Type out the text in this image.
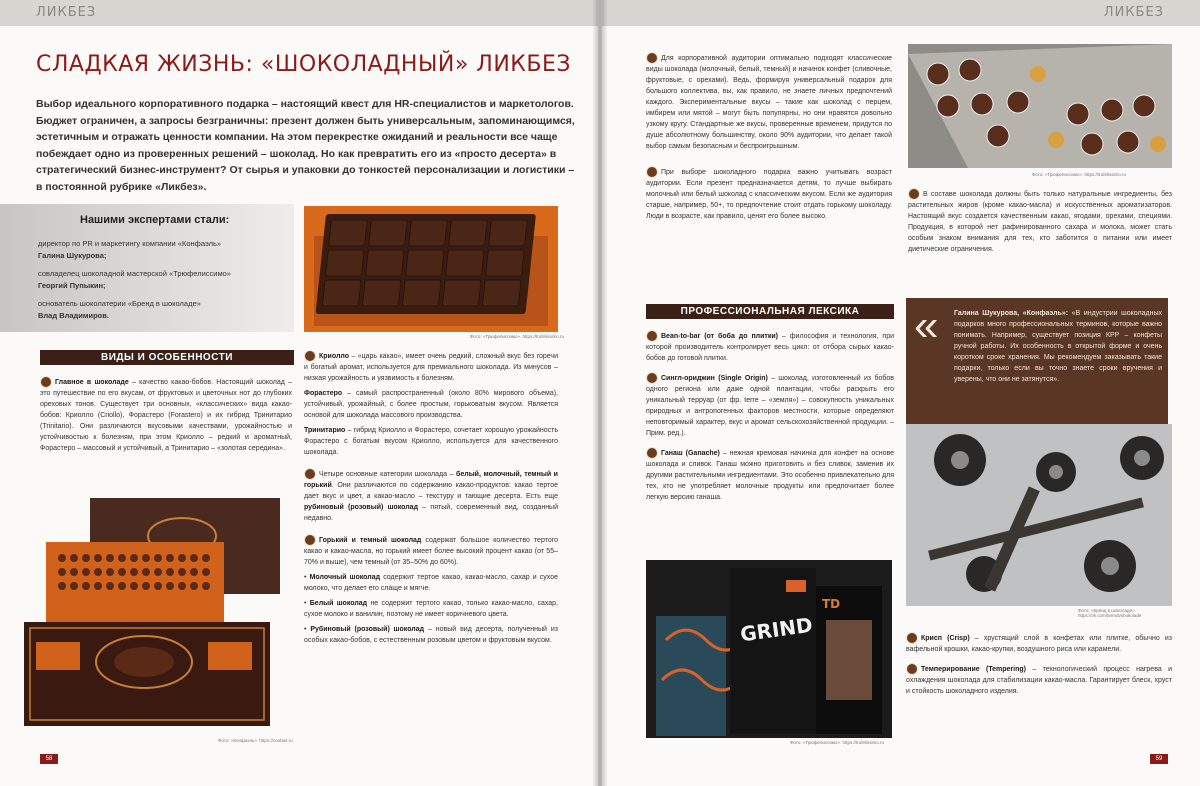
ЛИКБЕЗ
СЛАДКАЯ ЖИЗНЬ: «ШОКОЛАДНЫЙ» ЛИКБЕЗ
Выбор идеального корпоративного подарка – настоящий квест для HR-специалистов и маркетологов. Бюджет ограничен, а запросы безграничны: презент должен быть универсальным, запоминающимся, эстетичным и отражать ценности компании. На этом перекрестке ожиданий и реальности все чаще побеждает одно из проверенных решений – шоколад. Но как превратить его из «просто десерта» в стратегический бизнес-инструмент? От сырья и упаковки до тонкостей персонализации и логистики – в постоянной рубрике «Ликбез».
Нашими экспертами стали:
директор по PR и маркетингу компании «Конфаэль»
Галина Шукурова;
совладелец шоколадной мастерской «Трюфелиссимо»
Георгий Пупыкин;
основатель шоколатерии «Бренд в шоколаде»
Влад Владимиров.
Фото: «Трюфелиссимо». https://trufelissimo.ru
ВИДЫ И ОСОБЕННОСТИ

Главное в шоколаде – качество какао-бобов. Настоящий шоколад – это путешествие по его вкусам, от фруктовых и цветочных нот до глубоких ореховых тонов. Существует три основных, «классических» вида какао-бобов: Криолло (Criollo), Форастеро (Forastero) и их гибрид Тринитарио (Trinitario). Они различаются вкусовыми качествами, урожайностью и устойчивостью к болезням, при этом Криолло – редкий и ароматный, Форастеро – массовый и устойчивый, а Тринитарио – «золотая середина».

Фото: «Конфаэль». https://confael.ru

Криолло – «царь какао», имеет очень редкий, сложный вкус без горечи и богатый аромат, используется для премиального шоколада. Из минусов – низкая урожайность и уязвимость к болезням.

Форастеро – самый распространенный (около 80% мирового объема), устойчивый, урожайный, с более простым, горьковатым вкусом. Является основой для шоколада массового производства.

Тринитарио – гибрид Криолло и Форастеро, сочетает хорошую урожайность Форастеро с богатым вкусом Криолло, используется для качественного шоколада.

Четыре основные категории шоколада – белый, молочный, темный и горький. Они различаются по содержанию какао-продуктов: какао тертое дает вкус и цвет, а какао-масло – текстуру и тающие десерта. Есть еще рубиновый (розовый) шоколад – пятый, современный вид, созданный недавно.

Горький и темный шоколад содержат большое количество тертого какао и какао-масла, но горький имеет более высокий процент какао (от 55–70% и выше), чем темный (от 35–50% до 60%).

• Молочный шоколад содержит тертое какао, какао-масло, сахар и сухое молоко, что делает его слаще и мягче.

• Белый шоколад не содержит тертого какао, только какао-масло, сахар, сухое молоко и ванилин, поэтому не имеет коричневого цвета.

• Рубиновый (розовый) шоколад – новый вид десерта, полученный из особых какао-бобов, с естественным розовым цветом и фруктовым вкусом.

58
ЛИКБЕЗ

Для корпоративной аудитории оптимально подходят классические виды шоколада (молочный, белый, темный) и начинок конфет (сливочные, фруктовые, с орехами). Ведь, формируя универсальный подарок для большого коллектива, вы, как правило, не знаете личных предпочтений каждого. Экспериментальные вкусы – такие как шоколад с перцем, имбирем или мятой – могут быть популярны, но они нравятся довольно узкому кругу. Стандартные же вкусы, проверенные временем, придутся по душе абсолютному большинству, около 90% аудитории, что делает такой выбор самым безопасным и беспроигрышным.

При выборе шоколадного подарка важно учитывать возраст аудитории. Если презент предназначается детям, то лучше выбирать молочный или белый шоколад с классическим вкусом. Если же аудитория старше, например, 50+, то предпочтение стоит отдать горькому шоколаду. Люди в возрасте, как правило, ценят его более высоко.

Фото: «Трюфелиссимо». https://trufelissimo.ru

В составе шоколада должны быть только натуральные ингредиенты, без растительных жиров (кроме какао-масла) и искусственных ароматизаторов. Настоящий вкус создается качественным какао, ягодами, орехами, специями. Продукция, в которой нет рафинированного сахара и молока, может стать особым знаком внимания для тех, кто заботится о питании или имеет диетические ограничения.

ПРОФЕССИОНАЛЬНАЯ ЛЕКСИКА

Bean-to-bar (от боба до плитки) – философия и технология, при которой производитель контролирует весь цикл: от отбора сырых какао-бобов до готовой плитки.

Сингл-ориджин (Single Origin) – шоколад, изготовленный из бобов одного региона или даже одной плантации, чтобы раскрыть его уникальный терруар (от фр. terre – «земля») – совокупность уникальных природных и антропогенных факторов местности, которые определяют неповторимый характер, вкус и аромат сельскохозяйственной продукции. – Прим. ред.).

Ганаш (Ganache) – нежная кремовая начинка для конфет на основе шоколада и сливок. Ганаш можно приготовить и без сливок, заменив их другими растительными ингредиентами. Это особенно привлекательно для тех, кто не употребляет молочные продукты или предпочитает более легкую версию ганаша.

« Галина Шукурова, «Конфаэль»: «В индустрии шоколадных подарков много профессиональных терминов, которые важно понимать. Например, существует позиция КРР – конфеты ручной работы. Их особенность в открытой форме и очень коротком сроке хранения. Мы рекомендуем заказывать такие подарки, только если вы точно знаете сроки вручения и уверены, что они не затянутся».
GRIND
TD
Фото: «Трюфелиссимо». https://trufelissimo.ru
Фото: «Бренд в шоколаде». https://vk.com/brendvshokolade

Крисп (Crisp) – хрустящий слой в конфетах или плитке, обычно из вафельной крошки, какао-крупки, воздушного риса или карамели.

Темперирование (Tempering) – технологический процесс нагрева и охлаждения шоколада для стабилизации какао-масла. Гарантирует блеск, хруст и стойкость шоколадного изделия.

59
